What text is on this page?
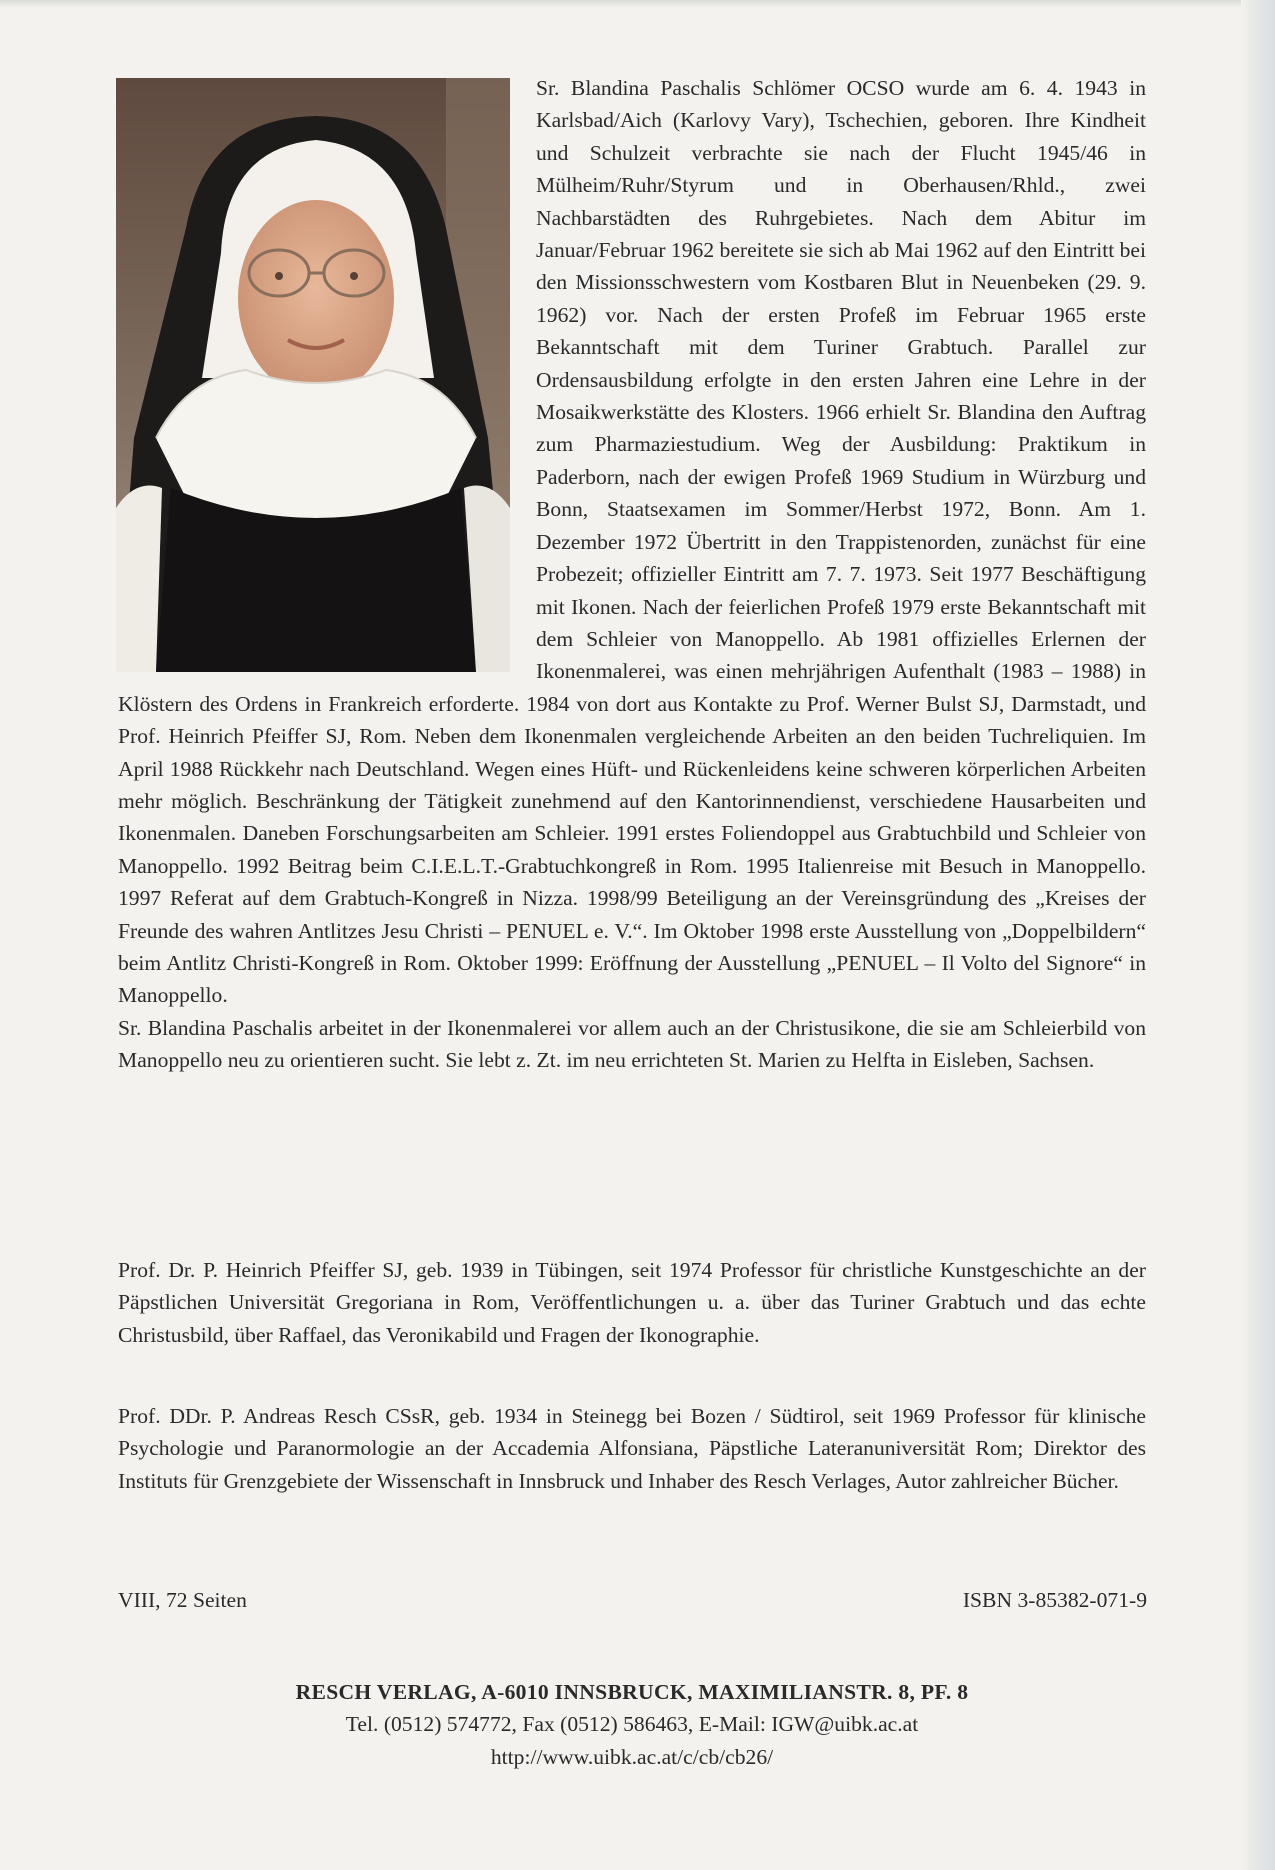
Sr. Blandina Paschalis Schlömer OCSO wurde am 6. 4. 1943 in Karlsbad/Aich (Karlovy Vary), Tschechien, geboren. Ihre Kindheit und Schulzeit verbrachte sie nach der Flucht 1945/46 in Mülheim/Ruhr/Styrum und in Oberhausen/Rhld., zwei Nachbarstädten des Ruhrgebietes. Nach dem Abitur im Januar/Februar 1962 bereitete sie sich ab Mai 1962 auf den Eintritt bei den Missionsschwestern vom Kostbaren Blut in Neuenbeken (29. 9. 1962) vor. Nach der ersten Profeß im Februar 1965 erste Bekanntschaft mit dem Turiner Grabtuch. Parallel zur Ordensausbildung erfolgte in den ersten Jahren eine Lehre in der Mosaikwerkstätte des Klosters. 1966 erhielt Sr. Blandina den Auftrag zum Pharmaziestudium. Weg der Ausbildung: Praktikum in Paderborn, nach der ewigen Profeß 1969 Studium in Würzburg und Bonn, Staatsexamen im Sommer/Herbst 1972, Bonn. Am 1. Dezember 1972 Übertritt in den Trappistenorden, zunächst für eine Probezeit; offizieller Eintritt am 7. 7. 1973. Seit 1977 Beschäftigung mit Ikonen. Nach der feierlichen Profeß 1979 erste Bekanntschaft mit dem Schleier von Manoppello. Ab 1981 offizielles Erlernen der Ikonenmalerei, was einen mehrjährigen Aufenthalt (1983 – 1988) in Klöstern des Ordens in Frankreich erforderte. 1984 von dort aus Kontakte zu Prof. Werner Bulst SJ, Darmstadt, und Prof. Heinrich Pfeiffer SJ, Rom. Neben dem Ikonenmalen vergleichende Arbeiten an den beiden Tuchreliquien. Im April 1988 Rückkehr nach Deutschland. Wegen eines Hüft- und Rückenleidens keine schweren körperlichen Arbeiten mehr möglich. Beschränkung der Tätigkeit zunehmend auf den Kantorinnendienst, verschiedene Hausarbeiten und Ikonenmalen. Daneben Forschungsarbeiten am Schleier. 1991 erstes Foliendoppel aus Grabtuchbild und Schleier von Manoppello. 1992 Beitrag beim C.I.E.L.T.-Grabtuchkongreß in Rom. 1995 Italienreise mit Besuch in Manoppello. 1997 Referat auf dem Grabtuch-Kongreß in Nizza. 1998/99 Beteiligung an der Vereinsgründung des „Kreises der Freunde des wahren Antlitzes Jesu Christi – PENUEL e. V.“. Im Oktober 1998 erste Ausstellung von „Doppelbildern“ beim Antlitz Christi-Kongreß in Rom. Oktober 1999: Eröffnung der Ausstellung „PENUEL – Il Volto del Signore“ in Manoppello.

Sr. Blandina Paschalis arbeitet in der Ikonenmalerei vor allem auch an der Christusikone, die sie am Schleierbild von Manoppello neu zu orientieren sucht. Sie lebt z. Zt. im neu errichteten St. Marien zu Helfta in Eisleben, Sachsen.

Prof. Dr. P. Heinrich Pfeiffer SJ, geb. 1939 in Tübingen, seit 1974 Professor für christliche Kunstgeschichte an der Päpstlichen Universität Gregoriana in Rom, Veröffentlichungen u. a. über das Turiner Grabtuch und das echte Christusbild, über Raffael, das Veronikabild und Fragen der Ikonographie.

Prof. DDr. P. Andreas Resch CSsR, geb. 1934 in Steinegg bei Bozen / Südtirol, seit 1969 Professor für klinische Psychologie und Paranormologie an der Accademia Alfonsiana, Päpstliche Lateranuniversität Rom; Direktor des Instituts für Grenzgebiete der Wissenschaft in Innsbruck und Inhaber des Resch Verlages, Autor zahlreicher Bücher.

VIII, 72 Seiten	ISBN 3-85382-071-9
RESCH VERLAG, A-6010 INNSBRUCK, MAXIMILIANSTR. 8, PF. 8
Tel. (0512) 574772, Fax (0512) 586463, E-Mail: IGW@uibk.ac.at
http://www.uibk.ac.at/c/cb/cb26/
